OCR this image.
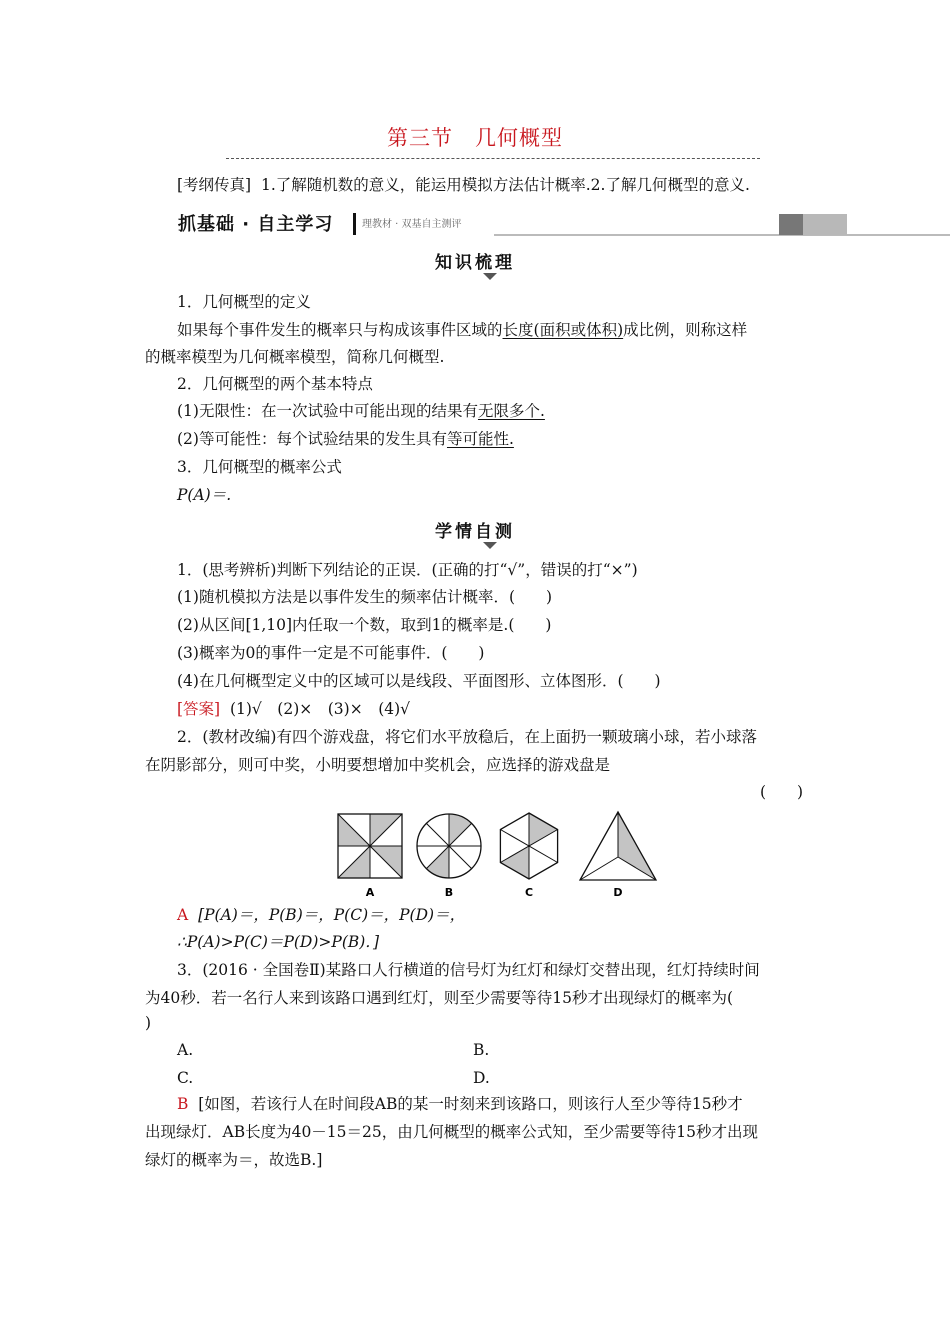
第三节　几何概型
[考纲传真] 1.了解随机数的意义，能运用模拟方法估计概率.2.了解几何概型的意义.
抓基础 · 自主学习	理教材 · 双基自主测评
知识梳理
1．几何概型的定义
如果每个事件发生的概率只与构成该事件区域的长度(面积或体积)成比例，则称这样
的概率模型为几何概率模型，简称几何概型.
2．几何概型的两个基本特点
(1)无限性：在一次试验中可能出现的结果有无限多个.
(2)等可能性：每个试验结果的发生具有等可能性.
3．几何概型的概率公式
P(A)＝.
学情自测
1．(思考辨析)判断下列结论的正误．(正确的打“√”，错误的打“×”)
(1)随机模拟方法是以事件发生的频率估计概率．(　　)
(2)从区间[1,10]内任取一个数，取到1的概率是.(　　)
(3)概率为0的事件一定是不可能事件．(　　)
(4)在几何概型定义中的区域可以是线段、平面图形、立体图形．(　　)
[答案] (1)√　(2)×　(3)×　(4)√
2．(教材改编)有四个游戏盘，将它们水平放稳后，在上面扔一颗玻璃小球，若小球落
在阴影部分，则可中奖，小明要想增加中奖机会，应选择的游戏盘是
(　　)
A	B	C	D
A [P(A)＝，P(B)＝，P(C)＝，P(D)＝，
∴P(A)>P(C)＝P(D)>P(B)．]
3．(2016 · 全国卷Ⅱ)某路口人行横道的信号灯为红灯和绿灯交替出现，红灯持续时间
为40秒．若一名行人来到该路口遇到红灯，则至少需要等待15秒才出现绿灯的概率为(
)
A.	B.
C.	D.
B [如图，若该行人在时间段AB的某一时刻来到该路口，则该行人至少等待15秒才
出现绿灯．AB长度为40－15＝25，由几何概型的概率公式知，至少需要等待15秒才出现
绿灯的概率为＝，故选B.]
